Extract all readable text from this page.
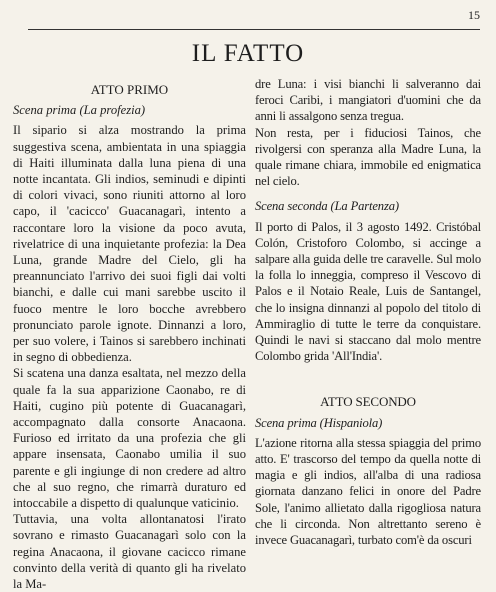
15
IL FATTO
ATTO PRIMO
Scena prima (La profezia)
Il sipario si alza mostrando la prima suggestiva scena, ambientata in una spiaggia di Haiti illuminata dalla luna piena di una notte incantata. Gli indios, seminudi e dipinti di colori vivaci, sono riuniti attorno al loro capo, il 'cacicco' Guacanagarì, intento a raccontare loro la visione da poco avuta, rivelatrice di una inquietante profezia: la Dea Luna, grande Madre del Cielo, gli ha preannunciato l'arrivo dei suoi figli dai volti bianchi, e dalle cui mani sarebbe uscito il fuoco mentre le loro bocche avrebbero pronunciato parole ignote. Dinnanzi a loro, per suo volere, i Tainos si sarebbero inchinati in segno di obbedienza.
Si scatena una danza esaltata, nel mezzo della quale fa la sua apparizione Caonabo, re di Haiti, cugino più potente di Guacanagarì, accompagnato dalla consorte Anacaona. Furioso ed irritato da una profezia che gli appare insensata, Caonabo umilia il suo parente e gli ingiunge di non credere ad altro che al suo regno, che rimarrà duraturo ed intoccabile a dispetto di qualunque vaticinio.
Tuttavia, una volta allontanatosi l'irato sovrano e rimasto Guacanagarì solo con la regina Anacaona, il giovane cacicco rimane convinto della verità di quanto gli ha rivelato la Ma-
dre Luna: i visi bianchi li salveranno dai feroci Caribi, i mangiatori d'uomini che da anni li assalgono senza tregua.
Non resta, per i fiduciosi Tainos, che rivolgersi con speranza alla Madre Luna, la quale rimane chiara, immobile ed enigmatica nel cielo.
Scena seconda (La Partenza)
Il porto di Palos, il 3 agosto 1492. Cristóbal Colón, Cristoforo Colombo, si accinge a salpare alla guida delle tre caravelle. Sul molo la folla lo inneggia, compreso il Vescovo di Palos e il Notaio Reale, Luis de Santangel, che lo insigna dinnanzi al popolo del titolo di Ammiraglio di tutte le terre da conquistare. Quindi le navi si staccano dal molo mentre Colombo grida 'All'India'.
ATTO SECONDO
Scena prima (Hispaniola)
L'azione ritorna alla stessa spiaggia del primo atto. E' trascorso del tempo da quella notte di magia e gli indios, all'alba di una radiosa giornata danzano felici in onore del Padre Sole, l'animo allietato dalla rigogliosa natura che li circonda. Non altrettanto sereno è invece Guacanagarì, turbato com'è da oscuri
